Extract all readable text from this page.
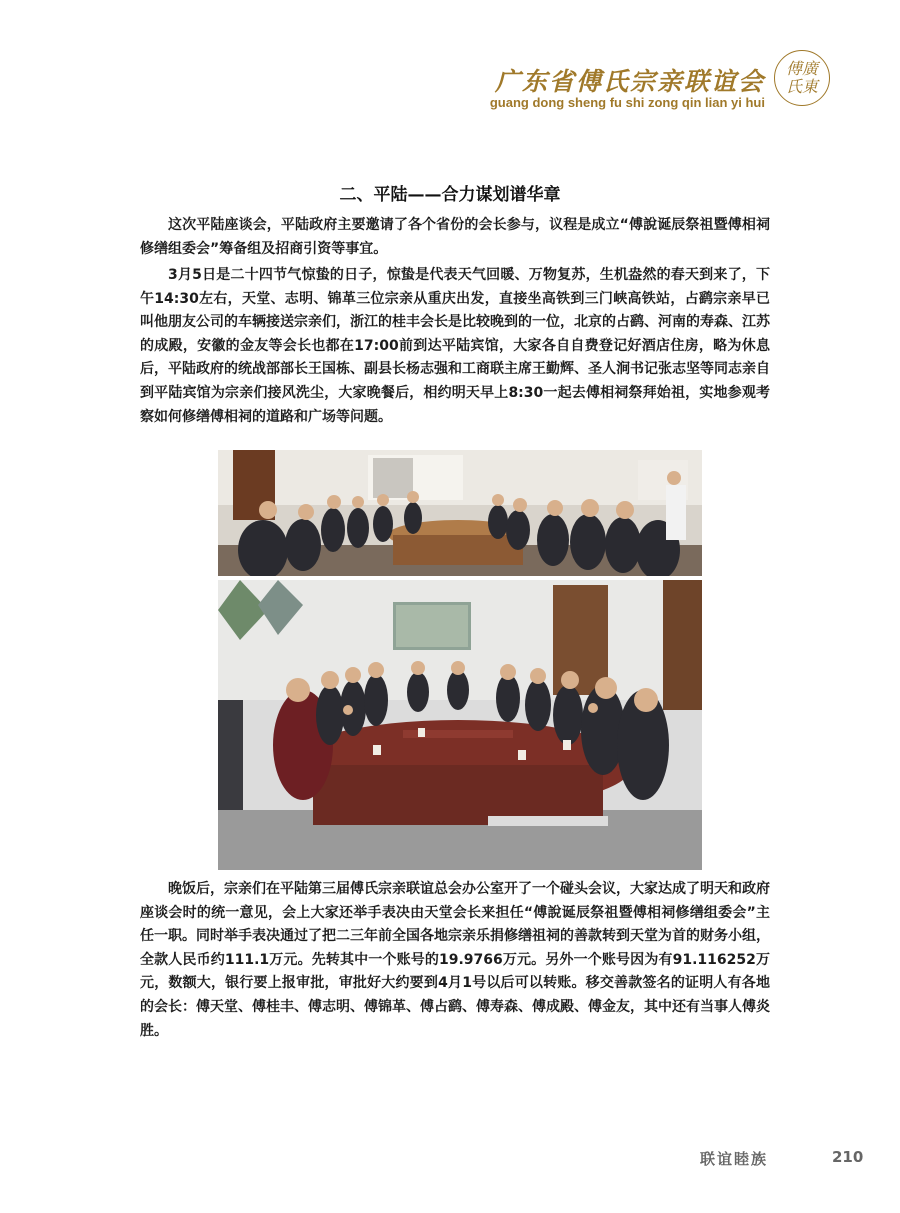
广东省傅氏宗亲联谊会
guang dong sheng fu shi zong qin lian yi hui
傅廣
氏東
二、平陆——合力谋划谱华章

这次平陆座谈会，平陆政府主要邀请了各个省份的会长参与，议程是成立“傅說诞辰祭祖暨傅相祠修缮组委会”筹备组及招商引资等事宜。

3月5日是二十四节气惊蛰的日子，惊蛰是代表天气回暖、万物复苏，生机盎然的春天到来了，下午14:30左右，天堂、志明、锦革三位宗亲从重庆出发，直接坐高铁到三门峡高铁站，占鹞宗亲早已叫他朋友公司的车辆接送宗亲们，浙江的桂丰会长是比较晚到的一位，北京的占鹞、河南的寿森、江苏的成殿，安徽的金友等会长也都在17:00前到达平陆宾馆，大家各自自费登记好酒店住房，略为休息后，平陆政府的统战部部长王国栋、副县长杨志强和工商联主席王勤辉、圣人涧书记张志坚等同志亲自到平陆宾馆为宗亲们接风洗尘，大家晚餐后，相约明天早上8:30一起去傅相祠祭拜始祖，实地参观考察如何修缮傅相祠的道路和广场等问题。

晚饭后，宗亲们在平陆第三届傅氏宗亲联谊总会办公室开了一个碰头会议，大家达成了明天和政府座谈会时的统一意见，会上大家还举手表决由天堂会长来担任“傅說诞辰祭祖暨傅相祠修缮组委会”主任一职。同时举手表决通过了把二三年前全国各地宗亲乐捐修缮祖祠的善款转到天堂为首的财务小组，全款人民币约111.1万元。先转其中一个账号的19.9766万元。另外一个账号因为有91.116252万元，数额大，银行要上报审批，审批好大约要到4月1号以后可以转账。移交善款签名的证明人有各地的会长：傅天堂、傅桂丰、傅志明、傅锦革、傅占鹞、傅寿森、傅成殿、傅金友，其中还有当事人傅炎胜。

联谊睦族	210
